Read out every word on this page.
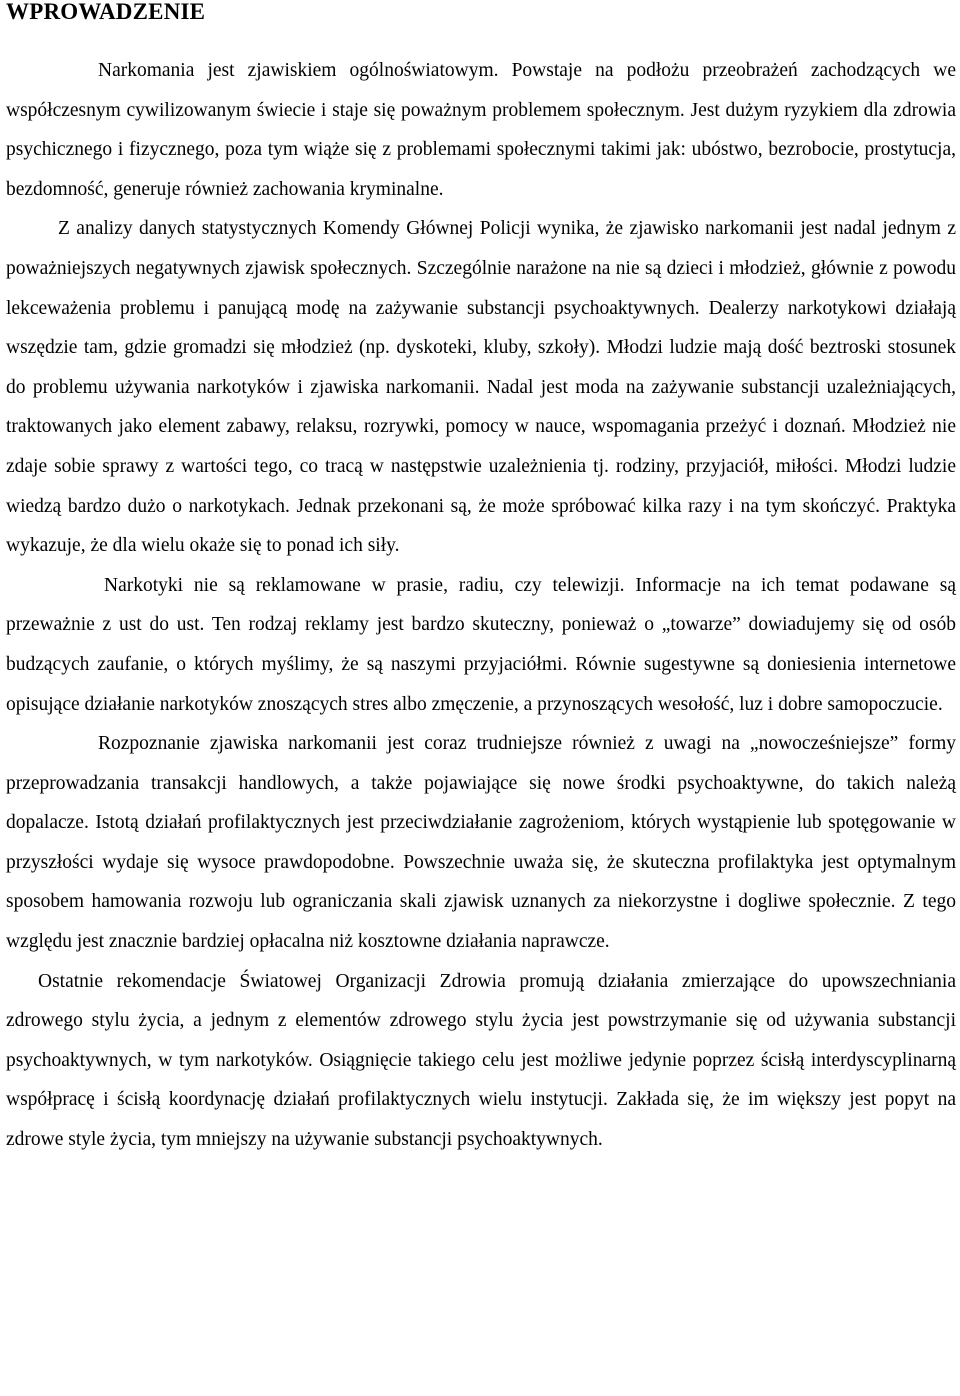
WPROWADZENIE

Narkomania jest zjawiskiem ogólnoświatowym. Powstaje na podłożu przeobrażeń zachodzących we współczesnym cywilizowanym świecie i staje się poważnym problemem społecznym. Jest dużym ryzykiem dla zdrowia psychicznego i fizycznego, poza tym wiąże się z problemami społecznymi takimi jak: ubóstwo, bezrobocie, prostytucja, bezdomność, generuje również zachowania kryminalne.

Z analizy danych statystycznych Komendy Głównej Policji wynika, że zjawisko narkomanii jest nadal jednym z poważniejszych negatywnych zjawisk społecznych. Szczególnie narażone na nie są dzieci i młodzież, głównie z powodu lekceważenia problemu i panującą modę na zażywanie substancji psychoaktywnych. Dealerzy narkotykowi działają wszędzie tam, gdzie gromadzi się młodzież (np. dyskoteki, kluby, szkoły). Młodzi ludzie mają dość beztroski stosunek do problemu używania narkotyków i zjawiska narkomanii. Nadal jest moda na zażywanie substancji uzależniających, traktowanych jako element zabawy, relaksu, rozrywki, pomocy w nauce, wspomagania przeżyć i doznań. Młodzież nie zdaje sobie sprawy z wartości tego, co tracą w następstwie uzależnienia tj. rodziny, przyjaciół, miłości. Młodzi ludzie wiedzą bardzo dużo o narkotykach. Jednak przekonani są, że może spróbować kilka razy i na tym skończyć. Praktyka wykazuje, że dla wielu okaże się to ponad ich siły.

Narkotyki nie są reklamowane w prasie, radiu, czy telewizji. Informacje na ich temat podawane są przeważnie z ust do ust. Ten rodzaj reklamy jest bardzo skuteczny, ponieważ o „towarze” dowiadujemy się od osób budzących zaufanie, o których myślimy, że są naszymi przyjaciółmi. Równie sugestywne są doniesienia internetowe opisujące działanie narkotyków znoszących stres albo zmęczenie, a przynoszących wesołość, luz i dobre samopoczucie.

Rozpoznanie zjawiska narkomanii jest coraz trudniejsze również z uwagi na „nowocześniejsze” formy przeprowadzania transakcji handlowych, a także pojawiające się nowe środki psychoaktywne, do takich należą dopalacze. Istotą działań profilaktycznych jest przeciwdziałanie zagrożeniom, których wystąpienie lub spotęgowanie w przyszłości wydaje się wysoce prawdopodobne. Powszechnie uważa się, że skuteczna profilaktyka jest optymalnym sposobem hamowania rozwoju lub ograniczania skali zjawisk uznanych za niekorzystne i dogliwe społecznie. Z tego względu jest znacznie bardziej opłacalna niż kosztowne działania naprawcze.

Ostatnie rekomendacje Światowej Organizacji Zdrowia promują działania zmierzające do upowszechniania zdrowego stylu życia, a jednym z elementów zdrowego stylu życia jest powstrzymanie się od używania substancji psychoaktywnych, w tym narkotyków. Osiągnięcie takiego celu jest możliwe jedynie poprzez ścisłą interdyscyplinarną współpracę i ścisłą koordynację działań profilaktycznych wielu instytucji. Zakłada się, że im większy jest popyt na zdrowe style życia, tym mniejszy na używanie substancji psychoaktywnych.
